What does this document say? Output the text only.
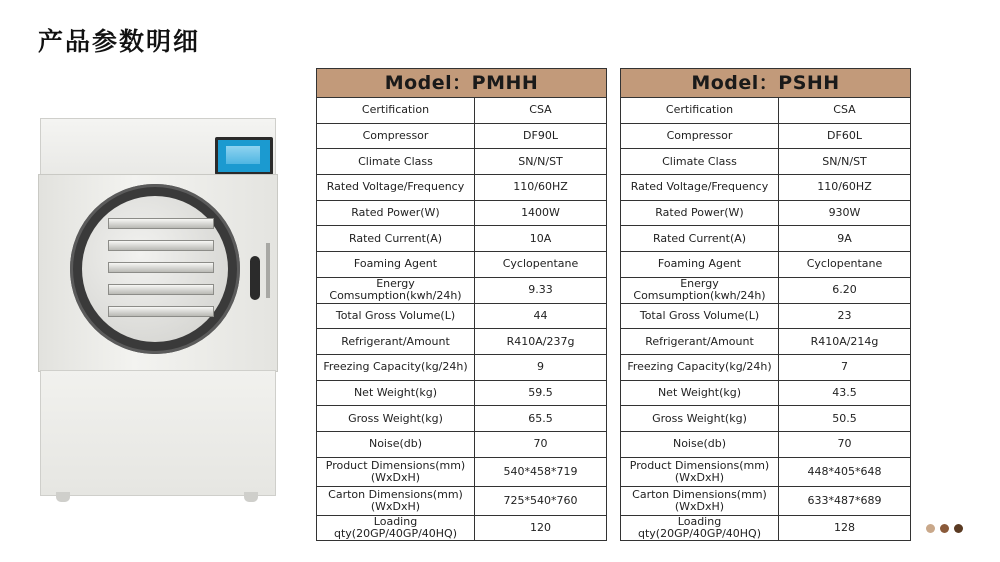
产品参数明细
Model：PMHH	
Certification	CSA
Compressor	DF90L
Climate Class	SN/N/ST
Rated Voltage/Frequency	110/60HZ
Rated Power(W)	1400W
Rated Current(A)	10A
Foaming Agent	Cyclopentane
Energy Comsumption(kwh/24h)	9.33
Total Gross Volume(L)	44
Refrigerant/Amount	R410A/237g
Freezing Capacity(kg/24h)	9
Net Weight(kg)	59.5
Gross Weight(kg)	65.5
Noise(db)	70
Product Dimensions(mm)(WxDxH)	540*458*719
Carton Dimensions(mm)(WxDxH)	725*540*760
Loading qty(20GP/40GP/40HQ)	120
Model：PSHH	
Certification	CSA
Compressor	DF60L
Climate Class	SN/N/ST
Rated Voltage/Frequency	110/60HZ
Rated Power(W)	930W
Rated Current(A)	9A
Foaming Agent	Cyclopentane
Energy Comsumption(kwh/24h)	6.20
Total Gross Volume(L)	23
Refrigerant/Amount	R410A/214g
Freezing Capacity(kg/24h)	7
Net Weight(kg)	43.5
Gross Weight(kg)	50.5
Noise(db)	70
Product Dimensions(mm)(WxDxH)	448*405*648
Carton Dimensions(mm)(WxDxH)	633*487*689
Loading qty(20GP/40GP/40HQ)	128
